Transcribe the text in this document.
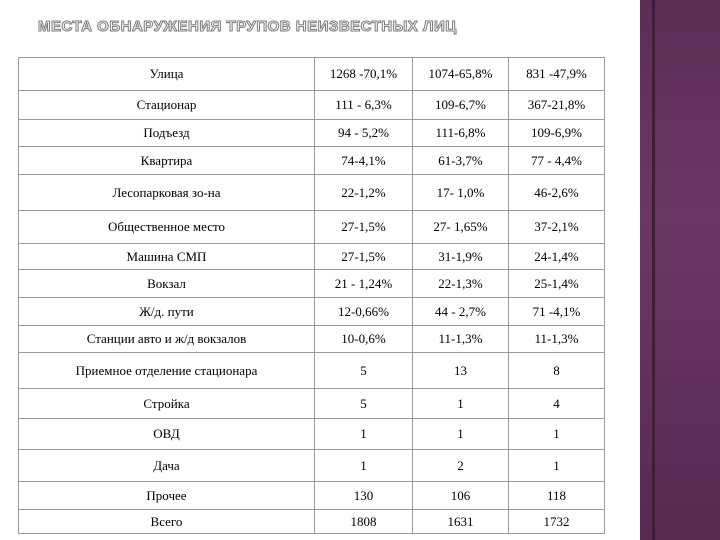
МЕСТА ОБНАРУЖЕНИЯ ТРУПОВ НЕИЗВЕСТНЫХ ЛИЦ
Улица	1268 -70,1%	1074-65,8%	831 -47,9%
Стационар	111 - 6,3%	109-6,7%	367-21,8%
Подъезд	94 - 5,2%	111-6,8%	109-6,9%
Квартира	74-4,1%	61-3,7%	77 - 4,4%
Лесопарковая зо-на	22-1,2%	17- 1,0%	46-2,6%
Общественное место	27-1,5%	27- 1,65%	37-2,1%
Машина СМП	27-1,5%	31-1,9%	24-1,4%
Вокзал	21 - 1,24%	22-1,3%	25-1,4%
Ж/д. пути	12-0,66%	44 - 2,7%	71 -4,1%
Станции авто и ж/д вокзалов	10-0,6%	11-1,3%	11-1,3%
Приемное отделение стационара	5	13	8
Стройка	5	1	4
ОВД	1	1	1
Дача	1	2	1
Прочее	130	106	118
Всего	1808	1631	1732
